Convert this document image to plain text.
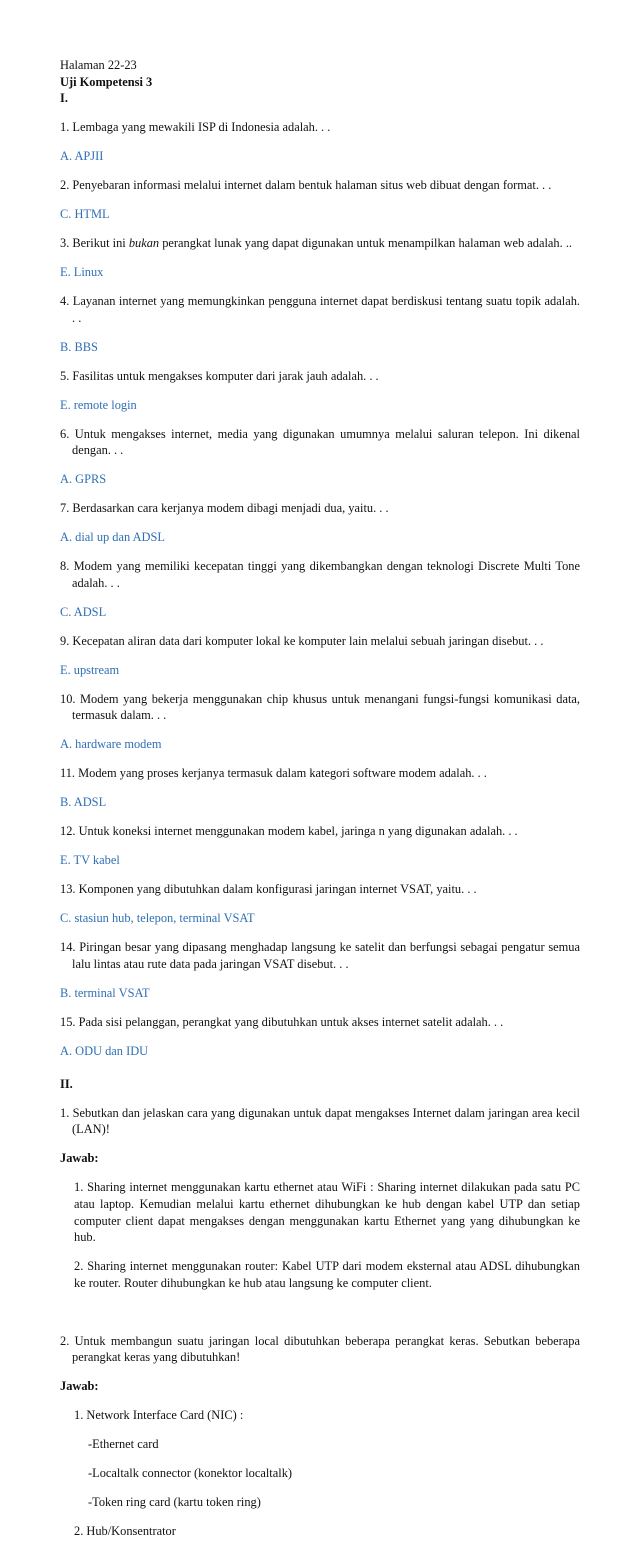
Halaman 22-23

Uji Kompetensi 3

I.

1. Lembaga yang mewakili ISP di Indonesia adalah. . .

A. APJII

2. Penyebaran informasi melalui internet dalam bentuk halaman situs web dibuat dengan format. . .

C. HTML

3. Berikut ini bukan perangkat lunak yang dapat digunakan untuk menampilkan halaman web adalah. ..

E. Linux

4. Layanan internet yang memungkinkan pengguna internet dapat berdiskusi tentang suatu topik adalah. . .

B. BBS

5. Fasilitas untuk mengakses komputer dari jarak jauh adalah. . .

E. remote login

6. Untuk mengakses internet, media yang digunakan umumnya melalui saluran telepon. Ini dikenal dengan. . .

A. GPRS

7. Berdasarkan cara kerjanya modem dibagi menjadi dua, yaitu. . .

A. dial up dan ADSL

8. Modem yang memiliki kecepatan tinggi yang dikembangkan dengan teknologi Discrete Multi Tone adalah. . .

C. ADSL

9. Kecepatan aliran data dari komputer lokal ke komputer lain melalui sebuah jaringan disebut. . .

E. upstream

10. Modem yang bekerja menggunakan chip khusus untuk menangani fungsi-fungsi komunikasi data, termasuk dalam. . .

A. hardware modem

11. Modem yang proses kerjanya termasuk dalam kategori software modem adalah. . .

B. ADSL

12. Untuk koneksi internet menggunakan modem kabel, jaringa n yang digunakan adalah. . .

E. TV kabel

13. Komponen yang dibutuhkan dalam konfigurasi jaringan internet VSAT, yaitu. . .

C. stasiun hub, telepon, terminal VSAT

14. Piringan besar yang dipasang menghadap langsung ke satelit dan berfungsi sebagai pengatur semua lalu lintas atau rute data pada jaringan VSAT disebut. . .

B. terminal VSAT

15. Pada sisi pelanggan, perangkat yang dibutuhkan untuk akses internet satelit adalah. . .

A. ODU dan IDU

II.

1. Sebutkan dan jelaskan cara yang digunakan untuk dapat mengakses Internet dalam jaringan area kecil (LAN)!

Jawab:

1. Sharing internet menggunakan kartu ethernet atau WiFi : Sharing internet dilakukan pada satu PC atau laptop. Kemudian melalui kartu ethernet dihubungkan ke hub dengan kabel UTP dan setiap computer client dapat mengakses dengan menggunakan kartu Ethernet yang yang dihubungkan ke hub.

2. Sharing internet menggunakan router: Kabel UTP dari modem eksternal atau ADSL dihubungkan ke router. Router dihubungkan ke hub atau langsung ke computer client.

2. Untuk membangun suatu jaringan local dibutuhkan beberapa perangkat keras. Sebutkan beberapa perangkat keras yang dibutuhkan!

Jawab:

1. Network Interface Card (NIC) :

-Ethernet card

-Localtalk connector (konektor localtalk)

-Token ring card (kartu token ring)

2. Hub/Konsentrator
